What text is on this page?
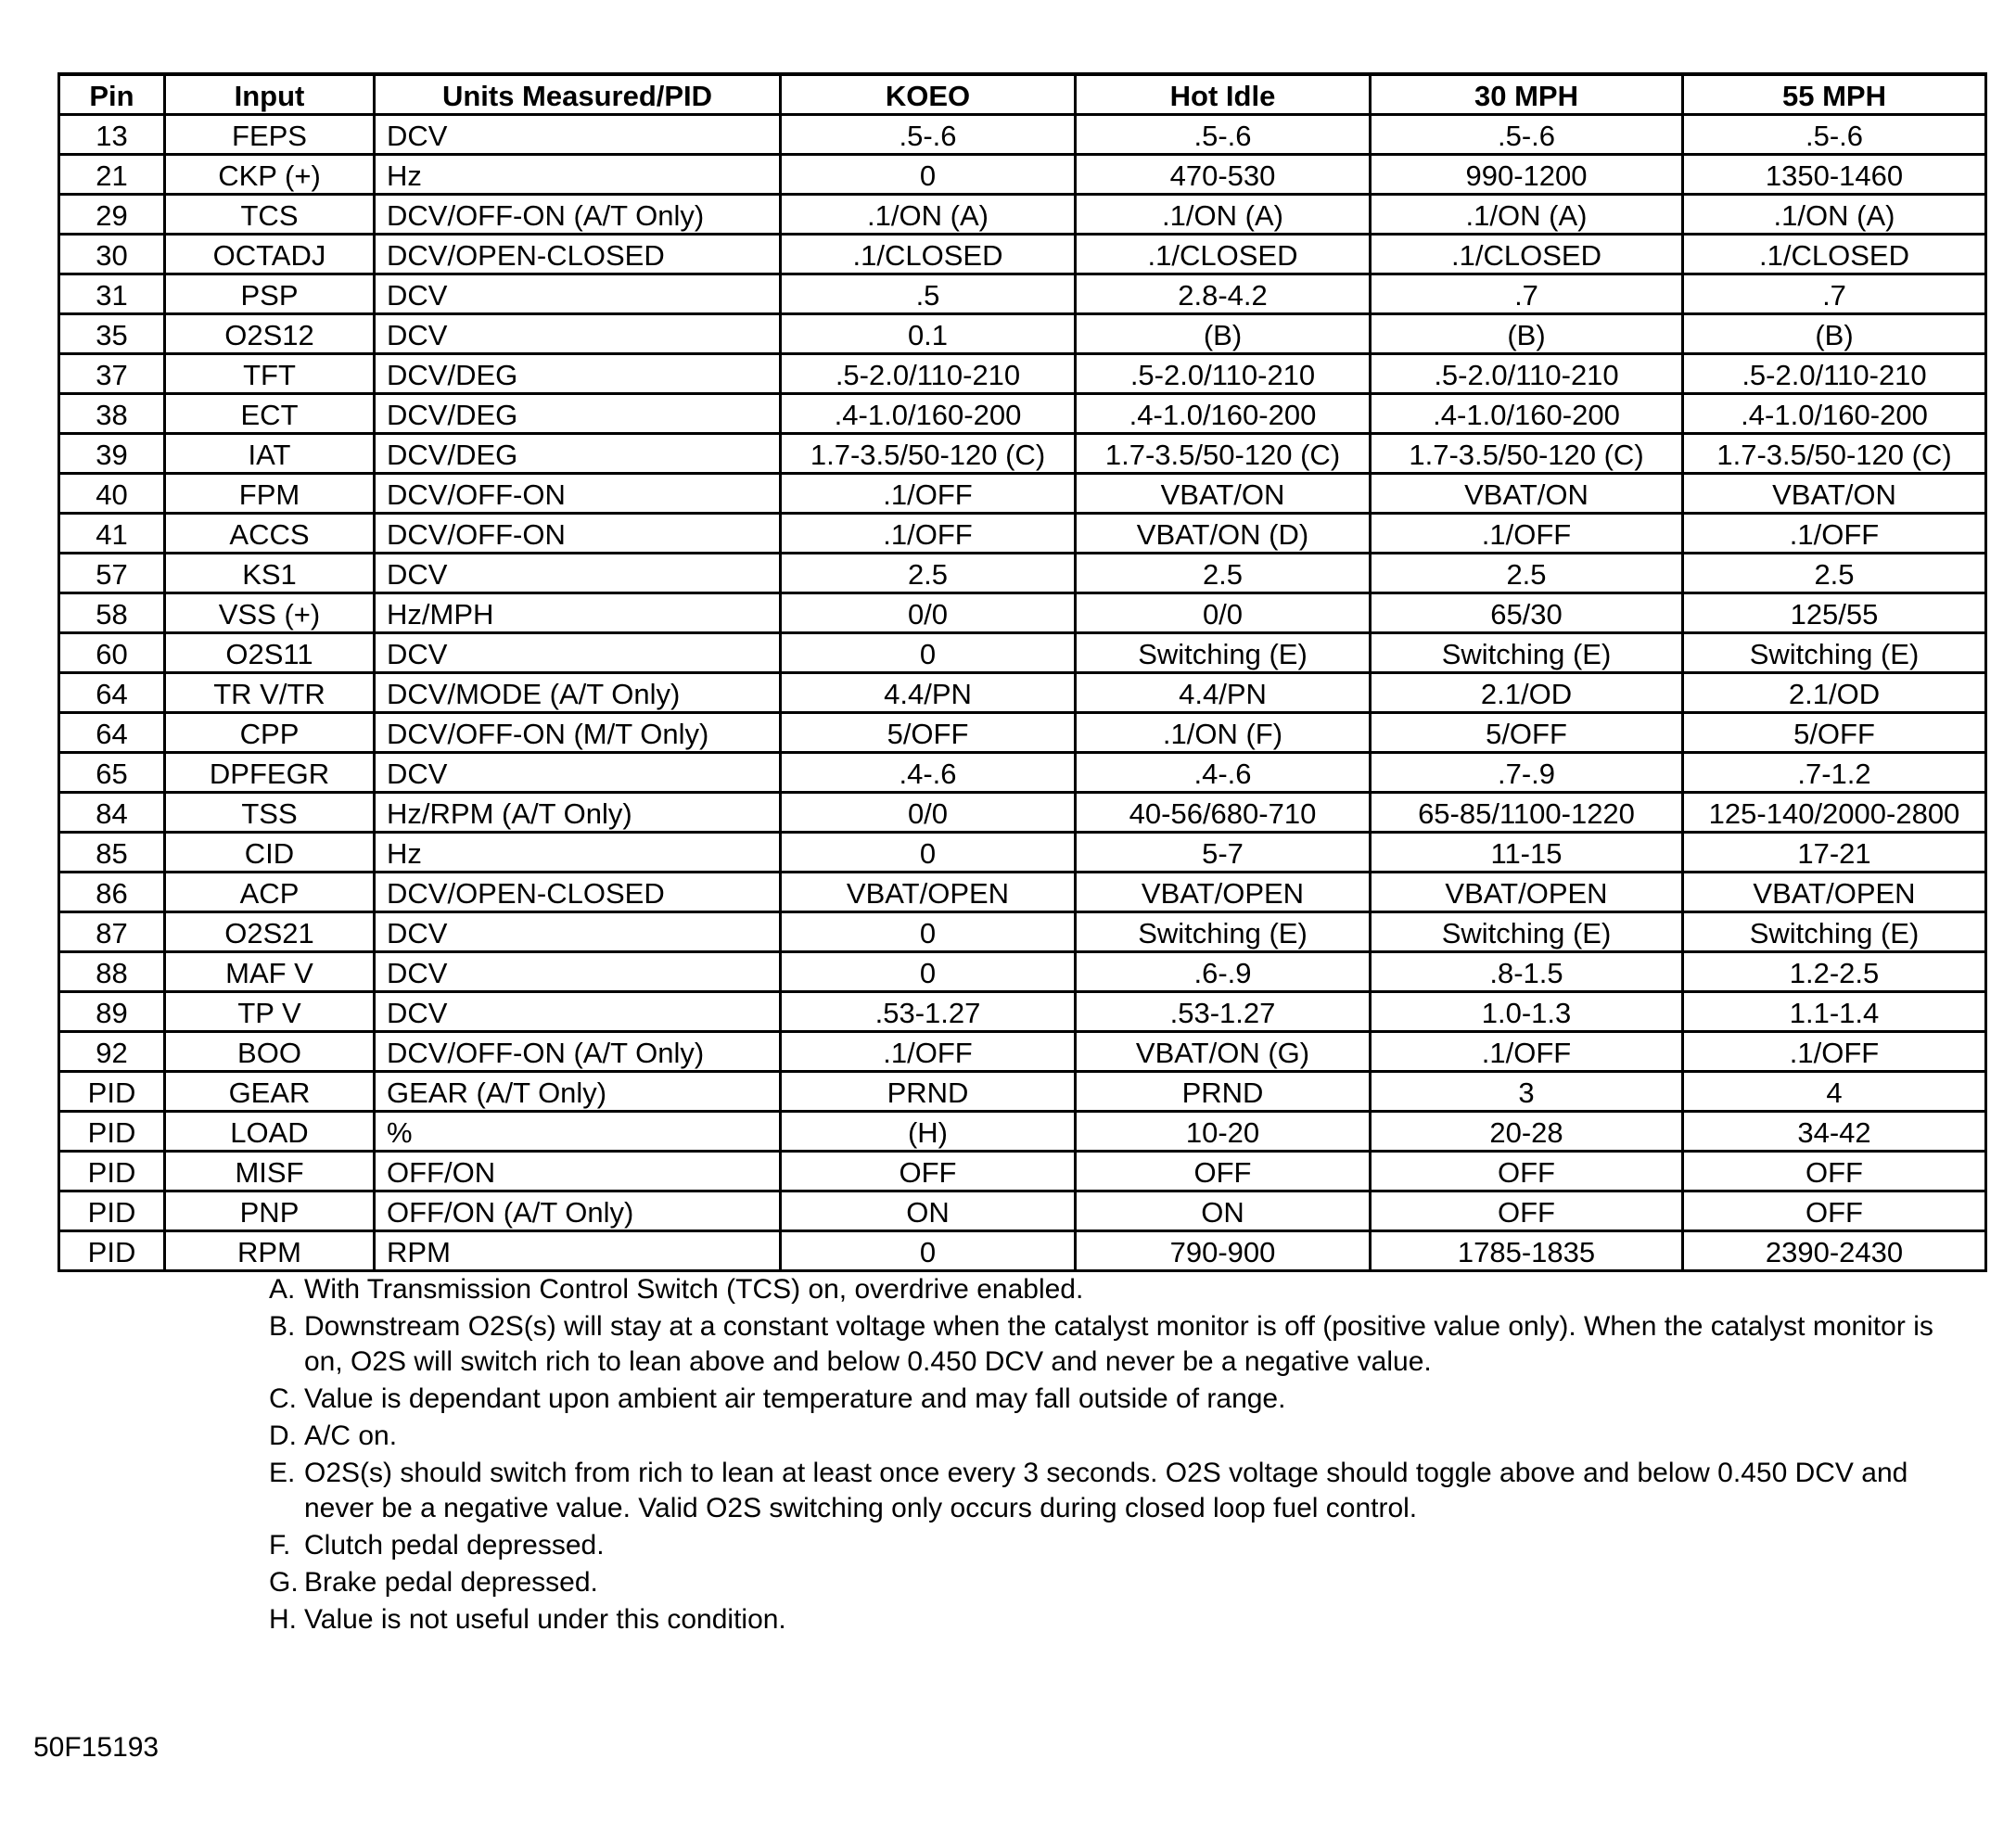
Pin	Input	Units Measured/PID	KOEO	Hot Idle	30 MPH	55 MPH
13	FEPS	DCV	.5-.6	.5-.6	.5-.6	.5-.6
21	CKP (+)	Hz	0	470-530	990-1200	1350-1460
29	TCS	DCV/OFF-ON (A/T Only)	.1/ON (A)	.1/ON (A)	.1/ON (A)	.1/ON (A)
30	OCTADJ	DCV/OPEN-CLOSED	.1/CLOSED	.1/CLOSED	.1/CLOSED	.1/CLOSED
31	PSP	DCV	.5	2.8-4.2	.7	.7
35	O2S12	DCV	0.1	(B)	(B)	(B)
37	TFT	DCV/DEG	.5-2.0/110-210	.5-2.0/110-210	.5-2.0/110-210	.5-2.0/110-210
38	ECT	DCV/DEG	.4-1.0/160-200	.4-1.0/160-200	.4-1.0/160-200	.4-1.0/160-200
39	IAT	DCV/DEG	1.7-3.5/50-120 (C)	1.7-3.5/50-120 (C)	1.7-3.5/50-120 (C)	1.7-3.5/50-120 (C)
40	FPM	DCV/OFF-ON	.1/OFF	VBAT/ON	VBAT/ON	VBAT/ON
41	ACCS	DCV/OFF-ON	.1/OFF	VBAT/ON (D)	.1/OFF	.1/OFF
57	KS1	DCV	2.5	2.5	2.5	2.5
58	VSS (+)	Hz/MPH	0/0	0/0	65/30	125/55
60	O2S11	DCV	0	Switching (E)	Switching (E)	Switching (E)
64	TR V/TR	DCV/MODE (A/T Only)	4.4/PN	4.4/PN	2.1/OD	2.1/OD
64	CPP	DCV/OFF-ON (M/T Only)	5/OFF	.1/ON (F)	5/OFF	5/OFF
65	DPFEGR	DCV	.4-.6	.4-.6	.7-.9	.7-1.2
84	TSS	Hz/RPM (A/T Only)	0/0	40-56/680-710	65-85/1100-1220	125-140/2000-2800
85	CID	Hz	0	5-7	11-15	17-21
86	ACP	DCV/OPEN-CLOSED	VBAT/OPEN	VBAT/OPEN	VBAT/OPEN	VBAT/OPEN
87	O2S21	DCV	0	Switching (E)	Switching (E)	Switching (E)
88	MAF V	DCV	0	.6-.9	.8-1.5	1.2-2.5
89	TP V	DCV	.53-1.27	.53-1.27	1.0-1.3	1.1-1.4
92	BOO	DCV/OFF-ON (A/T Only)	.1/OFF	VBAT/ON (G)	.1/OFF	.1/OFF
PID	GEAR	GEAR (A/T Only)	PRND	PRND	3	4
PID	LOAD	%	(H)	10-20	20-28	34-42
PID	MISF	OFF/ON	OFF	OFF	OFF	OFF
PID	PNP	OFF/ON (A/T Only)	ON	ON	OFF	OFF
PID	RPM	RPM	0	790-900	1785-1835	2390-2430
A. With Transmission Control Switch (TCS) on, overdrive enabled.
B. Downstream O2S(s) will stay at a constant voltage when the catalyst monitor is off (positive value only). When the catalyst monitor is on, O2S will switch rich to lean above and below 0.450 DCV and never be a negative value.
C. Value is dependant upon ambient air temperature and may fall outside of range.
D. A/C on.
E. O2S(s) should switch from rich to lean at least once every 3 seconds. O2S voltage should toggle above and below 0.450 DCV and never be a negative value. Valid O2S switching only occurs during closed loop fuel control.
F. Clutch pedal depressed.
G. Brake pedal depressed.
H. Value is not useful under this condition.
50F15193
